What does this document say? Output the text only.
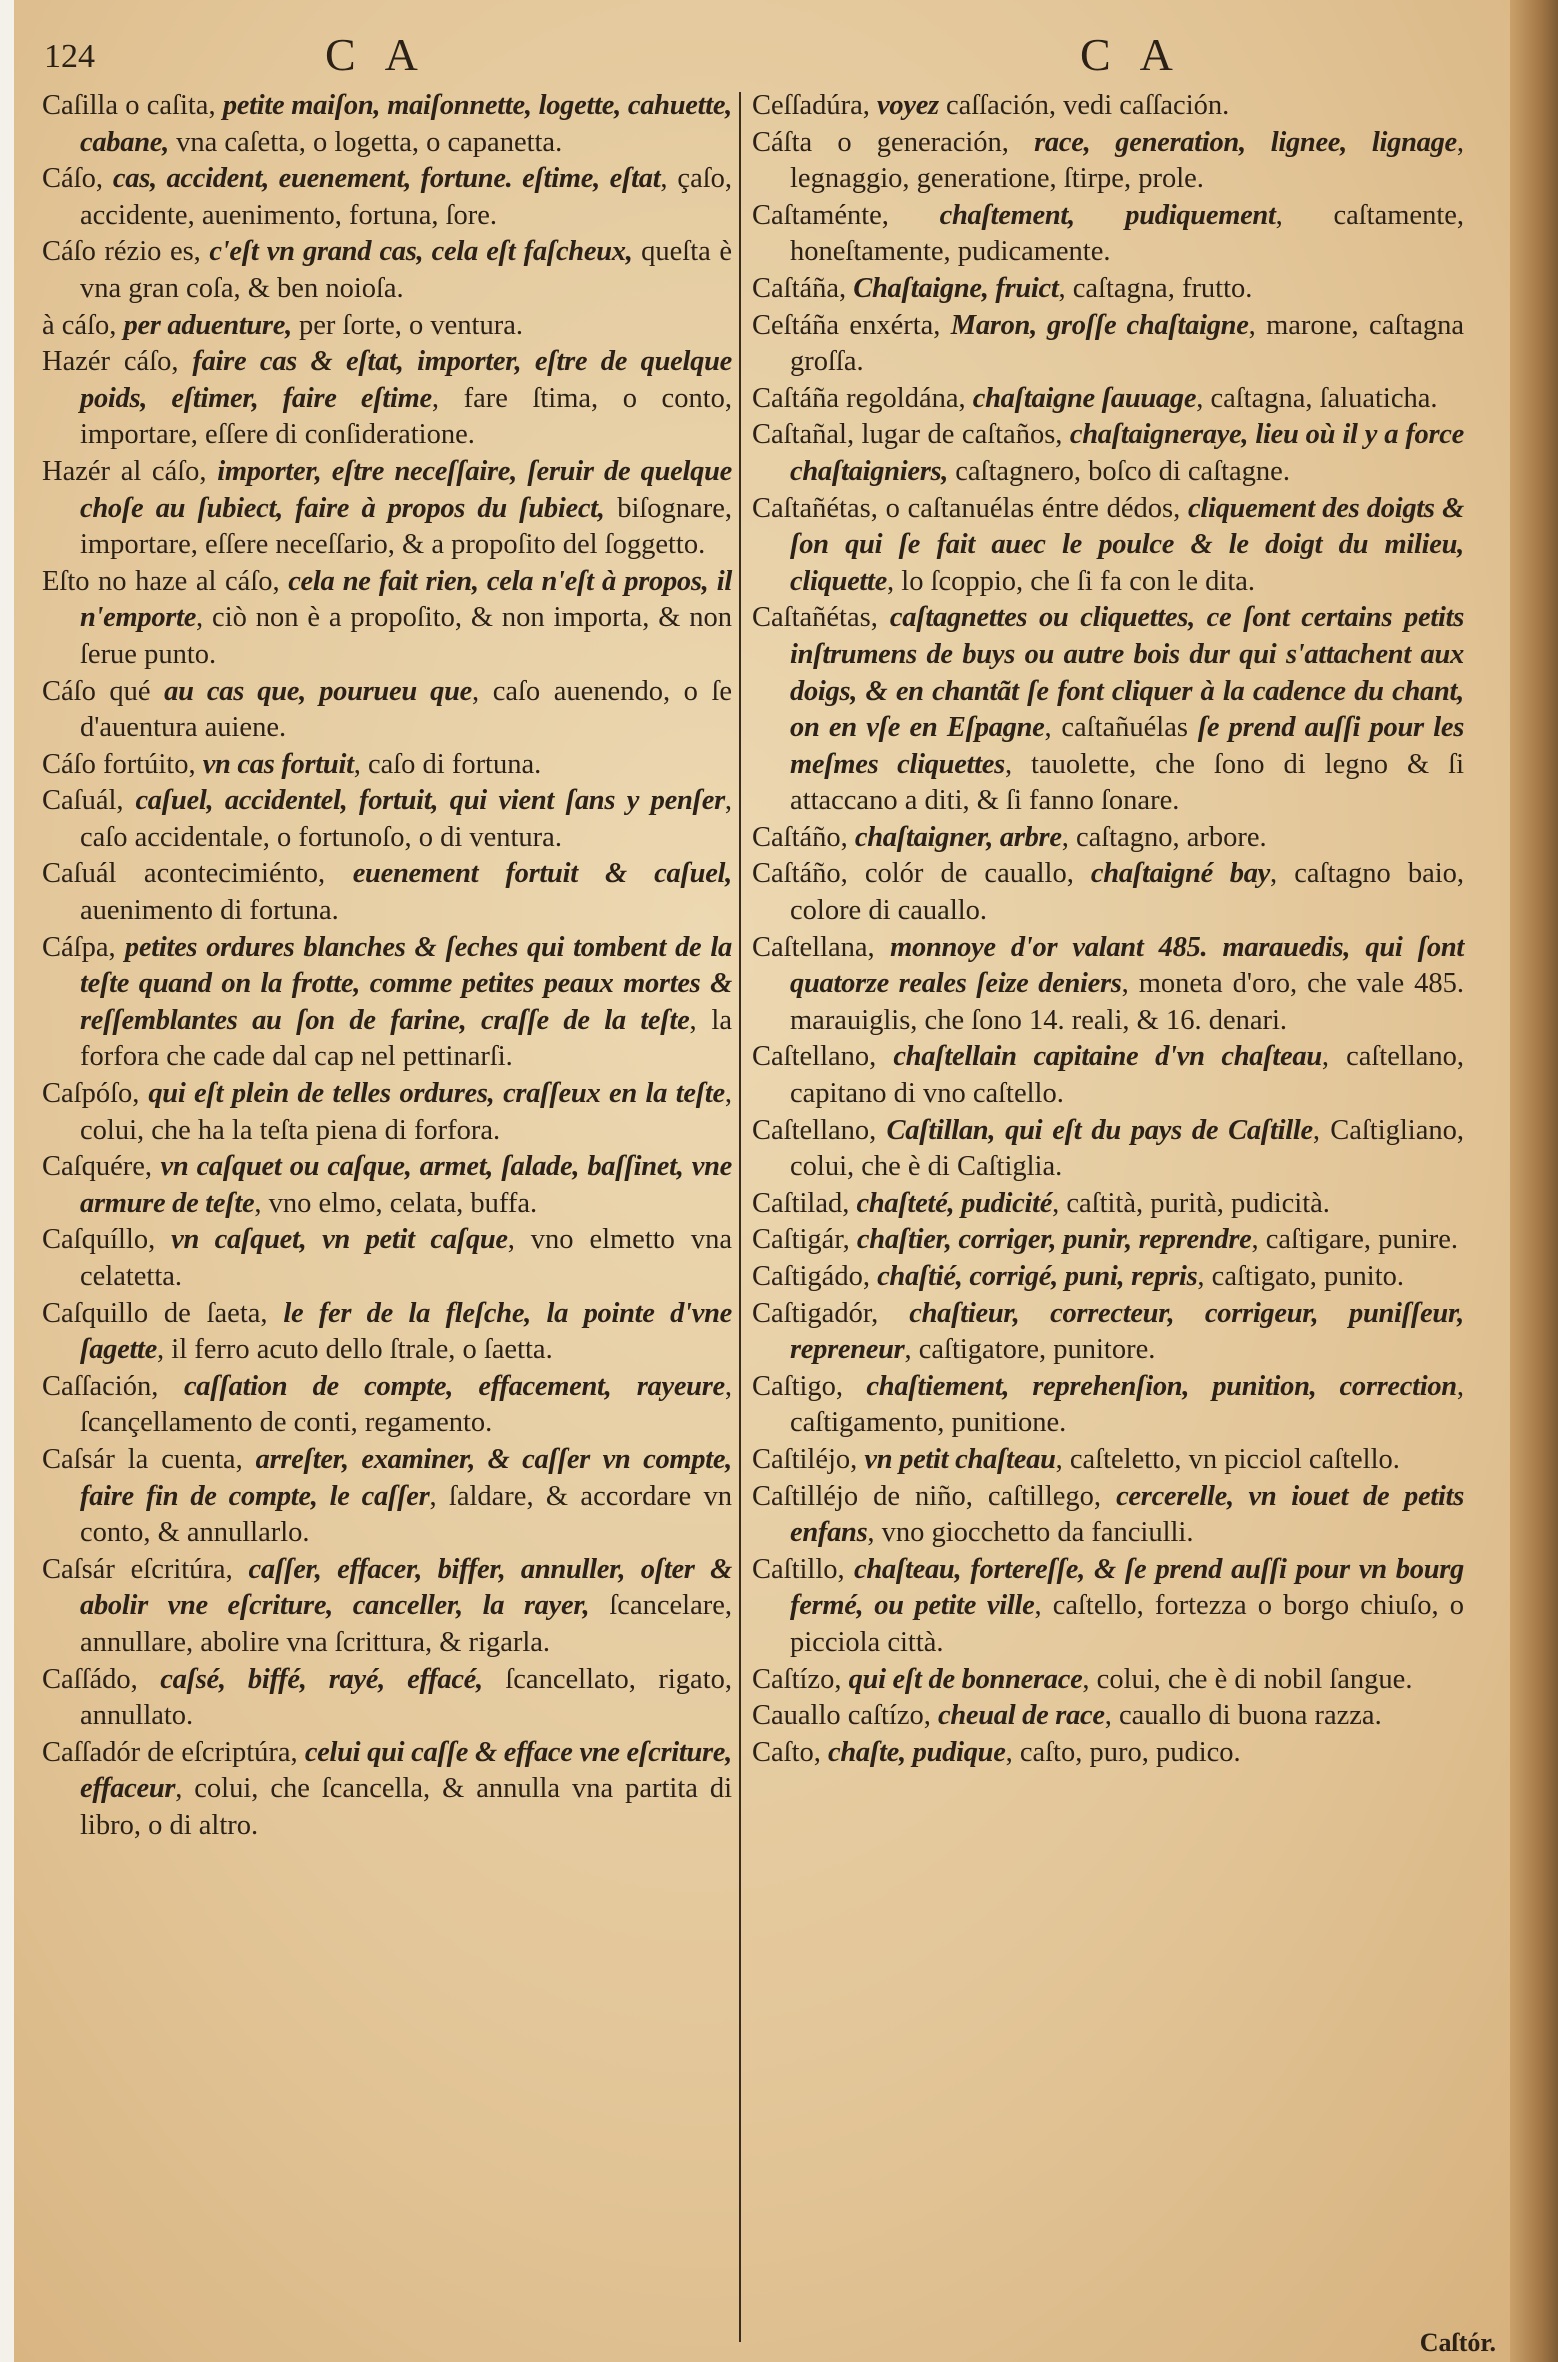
124	C A	C A
Caſilla o caſita, petite maiſon, maiſonnette, logette, cahuette, cabane, vna caſetta, o logetta, o capanetta.
Cáſo, cas, accident, euenement, fortune. eſtime, eſtat, çaſo, accidente, auenimento, fortuna, ſore.
Cáſo rézio es, c'eſt vn grand cas, cela eſt faſcheux, queſta è vna gran coſa, & ben noioſa.
à cáſo, per aduenture, per ſorte, o ventura.
Hazér cáſo, faire cas & eſtat, importer, eſtre de quelque poids, eſtimer, faire eſtime, fare ſtima, o conto, importare, eſſere di conſideratione.
Hazér al cáſo, importer, eſtre neceſſaire, ſeruir de quelque choſe au ſubiect, faire à propos du ſubiect, biſognare, importare, eſſere neceſſario, & a propoſito del ſoggetto.
Eſto no haze al cáſo, cela ne fait rien, cela n'eſt à propos, il n'emporte, ciò non è a propoſito, & non importa, & non ſerue punto.
Cáſo qué au cas que, pourueu que, caſo auenendo, o ſe d'auentura auiene.
Cáſo fortúito, vn cas fortuit, caſo di fortuna.
Caſuál, caſuel, accidentel, fortuit, qui vient ſans y penſer, caſo accidentale, o fortunoſo, o di ventura.
Caſuál acontecimiénto, euenement fortuit & caſuel, auenimento di fortuna.
Cáſpa, petites ordures blanches & ſeches qui tombent de la teſte quand on la frotte, comme petites peaux mortes & reſſemblantes au ſon de farine, craſſe de la teſte, la forfora che cade dal cap nel pettinarſi.
Caſpóſo, qui eſt plein de telles ordures, craſſeux en la teſte, colui, che ha la teſta piena di forfora.
Caſquére, vn caſquet ou caſque, armet, ſalade, baſſinet, vne armure de teſte, vno elmo, celata, buffa.
Caſquíllo, vn caſquet, vn petit caſque, vno elmetto vna celatetta.
Caſquillo de ſaeta, le fer de la fleſche, la pointe d'vne ſagette, il ferro acuto dello ſtrale, o ſaetta.
Caſſación, caſſation de compte, effacement, rayeure, ſcançellamento de conti, regamento.
Caſsár la cuenta, arreſter, examiner, & caſſer vn compte, faire fin de compte, le caſſer, ſaldare, & accordare vn conto, & annullarlo.
Caſsár eſcritúra, caſſer, effacer, biffer, annuller, oſter & abolir vne eſcriture, canceller, la rayer, ſcancelare, annullare, abolire vna ſcrittura, & rigarla.
Caſſádo, caſsé, biffé, rayé, effacé, ſcancellato, rigato, annullato.
Caſſadór de eſcriptúra, celui qui caſſe & efface vne eſcriture, effaceur, colui, che ſcancella, & annulla vna partita di libro, o di altro.
Ceſſadúra, voyez caſſación, vedi caſſación.
Cáſta o generación, race, generation, lignee, lignage, legnaggio, generatione, ſtirpe, prole.
Caſtaménte, chaſtement, pudiquement, caſtamente, honeſtamente, pudicamente.
Caſtáña, Chaſtaigne, fruict, caſtagna, frutto.
Ceſtáña enxérta, Maron, groſſe chaſtaigne, marone, caſtagna groſſa.
Caſtáña regoldána, chaſtaigne ſauuage, caſtagna, ſaluaticha.
Caſtañal, lugar de caſtaños, chaſtaigneraye, lieu où il y a force chaſtaigniers, caſtagnero, boſco di caſtagne.
Caſtañétas, o caſtanuélas éntre dédos, cliquement des doigts & ſon qui ſe fait auec le poulce & le doigt du milieu, cliquette, lo ſcoppio, che ſi fa con le dita.
Caſtañétas, caſtagnettes ou cliquettes, ce ſont certains petits inſtrumens de buys ou autre bois dur qui s'attachent aux doigs, & en chantãt ſe font cliquer à la cadence du chant, on en vſe en Eſpagne, caſtañuélas ſe prend auſſi pour les meſmes cliquettes, tauolette, che ſono di legno & ſi attaccano a diti, & ſi fanno ſonare.
Caſtáño, chaſtaigner, arbre, caſtagno, arbore.
Caſtáño, colór de cauallo, chaſtaigné bay, caſtagno baio, colore di cauallo.
Caſtellana, monnoye d'or valant 485. marauedis, qui ſont quatorze reales ſeize deniers, moneta d'oro, che vale 485. marauiglis, che ſono 14. reali, & 16. denari.
Caſtellano, chaſtellain capitaine d'vn chaſteau, caſtellano, capitano di vno caſtello.
Caſtellano, Caſtillan, qui eſt du pays de Caſtille, Caſtigliano, colui, che è di Caſtiglia.
Caſtilad, chaſteté, pudicité, caſtità, purità, pudicità.
Caſtigár, chaſtier, corriger, punir, reprendre, caſtigare, punire.
Caſtigádo, chaſtié, corrigé, puni, repris, caſtigato, punito.
Caſtigadór, chaſtieur, correcteur, corrigeur, puniſſeur, repreneur, caſtigatore, punitore.
Caſtigo, chaſtiement, reprehenſion, punition, correction, caſtigamento, punitione.
Caſtiléjo, vn petit chaſteau, caſteletto, vn picciol caſtello.
Caſtilléjo de niño, caſtillego, cercerelle, vn iouet de petits enfans, vno giocchetto da fanciulli.
Caſtillo, chaſteau, fortereſſe, & ſe prend auſſi pour vn bourg fermé, ou petite ville, caſtello, fortezza o borgo chiuſo, o picciola città.
Caſtízo, qui eſt de bonnerace, colui, che è di nobil ſangue.
Cauallo caſtízo, cheual de race, cauallo di buona razza.
Caſto, chaſte, pudique, caſto, puro, pudico.
Caſtór.
